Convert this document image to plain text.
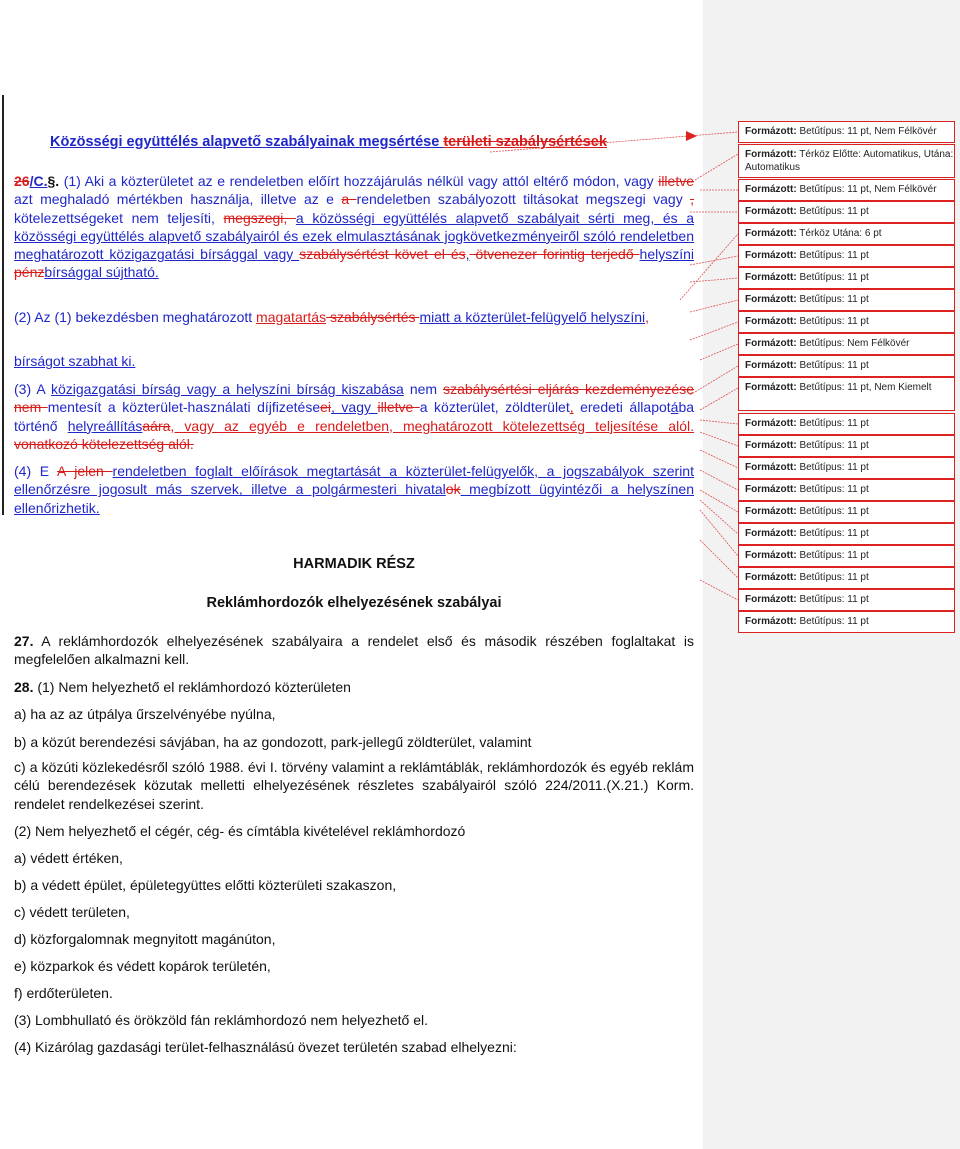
Közösségi együttélés alapvető szabályainak megsértése területi szabálysértések
26/C.§. (1) Aki a közterületet az e rendeletben előírt hozzájárulás nélkül vagy attól eltérő módon, vagy illetve azt meghaladó mértékben használja, illetve az e a rendeletben szabályozott tiltásokat megszegi vagy , kötelezettségeket nem teljesíti, megszegi, a közösségi együttélés alapvető szabályait sérti meg, és a közösségi együttélés alapvető szabályairól és ezek elmulasztásának jogkövetkezményeiről szóló rendeletben meghatározott közigazgatási bírsággal vagy szabálysértést követ el és, ötvenezer forintig terjedő helyszíni pénzbírsággal sújtható.
(2) Az (1) bekezdésben meghatározott magatartás szabálysértés miatt a közterület-felügyelő helyszíni,
bírságot szabhat ki.
(3) A közigazgatási bírság vagy a helyszíni bírság kiszabása nem szabálysértési eljárás kezdeményezése nem mentesít a közterület-használati díjfizetéseei, vagy illetve a közterület, zöldterület, eredeti állapotába történő helyreállításaára, vagy az egyéb e rendeletben, meghatározott kötelezettség teljesítése alól. vonatkozó kötelezettség alól.
(4) E A jelen rendeletben foglalt előírások megtartását a közterület-felügyelők, a jogszabályok szerint ellenőrzésre jogosult más szervek, illetve a polgármesteri hivatalok megbízott ügyintézői a helyszínen ellenőrizhetik.
HARMADIK RÉSZ
Reklámhordozók elhelyezésének szabályai
27. A reklámhordozók elhelyezésének szabályaira a rendelet első és második részében foglaltakat is megfelelően alkalmazni kell.
28. (1) Nem helyezhető el reklámhordozó közterületen
a) ha az az útpálya űrszelvényébe nyúlna,
b) a közút berendezési sávjában, ha az gondozott, park-jellegű zöldterület, valamint
c) a közúti közlekedésről szóló 1988. évi I. törvény valamint a reklámtáblák, reklámhordozók és egyéb reklám célú berendezések közutak melletti elhelyezésének részletes szabályairól szóló 224/2011.(X.21.) Korm. rendelet rendelkezései szerint.
(2) Nem helyezhető el cégér, cég- és címtábla kivételével reklámhordozó
a) védett értéken,
b) a védett épület, épületegyüttes előtti közterületi szakaszon,
c) védett területen,
d) közforgalomnak megnyitott magánúton,
e) közparkok és védett kopárok területén,
f) erdőterületen.
(3) Lombhullató és örökzöld fán reklámhordozó nem helyezhető el.
(4) Kizárólag gazdasági terület-felhasználású övezet területén szabad elhelyezni:
Formázott: Betűtípus: 11 pt, Nem Félkövér
Formázott: Térköz Előtte: Automatikus, Utána: Automatikus
Formázott: Betűtípus: 11 pt, Nem Félkövér
Formázott: Betűtípus: 11 pt
Formázott: Térköz Utána: 6 pt
Formázott: Betűtípus: 11 pt
Formázott: Betűtípus: 11 pt
Formázott: Betűtípus: 11 pt
Formázott: Betűtípus: 11 pt
Formázott: Betűtípus: Nem Félkövér
Formázott: Betűtípus: 11 pt
Formázott: Betűtípus: 11 pt, Nem Kiemelt
Formázott: Betűtípus: 11 pt
Formázott: Betűtípus: 11 pt
Formázott: Betűtípus: 11 pt
Formázott: Betűtípus: 11 pt
Formázott: Betűtípus: 11 pt
Formázott: Betűtípus: 11 pt
Formázott: Betűtípus: 11 pt
Formázott: Betűtípus: 11 pt
Formázott: Betűtípus: 11 pt
Formázott: Betűtípus: 11 pt
